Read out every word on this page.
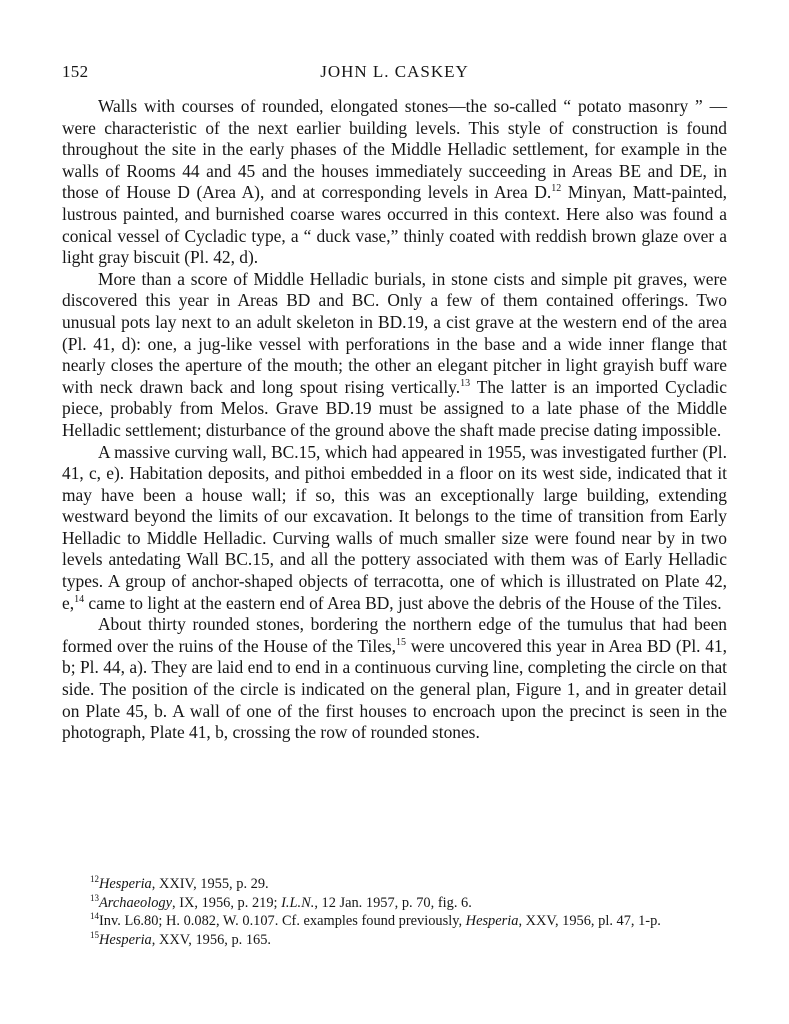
152	JOHN L. CASKEY

Walls with courses of rounded, elongated stones—the so-called “ potato masonry ” —were characteristic of the next earlier building levels. This style of construction is found throughout the site in the early phases of the Middle Helladic settlement, for example in the walls of Rooms 44 and 45 and the houses immediately succeeding in Areas BE and DE, in those of House D (Area A), and at corresponding levels in Area D.$^{12}$ Minyan, Matt-painted, lustrous painted, and burnished coarse wares occurred in this context. Here also was found a conical vessel of Cycladic type, a “ duck vase,” thinly coated with reddish brown glaze over a light gray biscuit (Pl. 42, d).

More than a score of Middle Helladic burials, in stone cists and simple pit graves, were discovered this year in Areas BD and BC. Only a few of them contained offerings. Two unusual pots lay next to an adult skeleton in BD.19, a cist grave at the western end of the area (Pl. 41, d): one, a jug-like vessel with perforations in the base and a wide inner flange that nearly closes the aperture of the mouth; the other an elegant pitcher in light grayish buff ware with neck drawn back and long spout rising vertically.$^{13}$ The latter is an imported Cycladic piece, probably from Melos. Grave BD.19 must be assigned to a late phase of the Middle Helladic settlement; disturbance of the ground above the shaft made precise dating impossible.

A massive curving wall, BC.15, which had appeared in 1955, was investigated further (Pl. 41, c, e). Habitation deposits, and pithoi embedded in a floor on its west side, indicated that it may have been a house wall; if so, this was an exceptionally large building, extending westward beyond the limits of our excavation. It belongs to the time of transition from Early Helladic to Middle Helladic. Curving walls of much smaller size were found near by in two levels antedating Wall BC.15, and all the pottery associated with them was of Early Helladic types. A group of anchor-shaped objects of terracotta, one of which is illustrated on Plate 42, e,$^{14}$ came to light at the eastern end of Area BD, just above the debris of the House of the Tiles.

About thirty rounded stones, bordering the northern edge of the tumulus that had been formed over the ruins of the House of the Tiles,$^{15}$ were uncovered this year in Area BD (Pl. 41, b; Pl. 44, a). They are laid end to end in a continuous curving line, completing the circle on that side. The position of the circle is indicated on the general plan, Figure 1, and in greater detail on Plate 45, b. A wall of one of the first houses to encroach upon the precinct is seen in the photograph, Plate 41, b, crossing the row of rounded stones.

$^{12}$Hesperia, XXIV, 1955, p. 29.

$^{13}$Archaeology, IX, 1956, p. 219; I.L.N., 12 Jan. 1957, p. 70, fig. 6.

$^{14}$Inv. L6.80; H. 0.082, W. 0.107. Cf. examples found previously, Hesperia, XXV, 1956, pl. 47, 1-p.

$^{15}$Hesperia, XXV, 1956, p. 165.
